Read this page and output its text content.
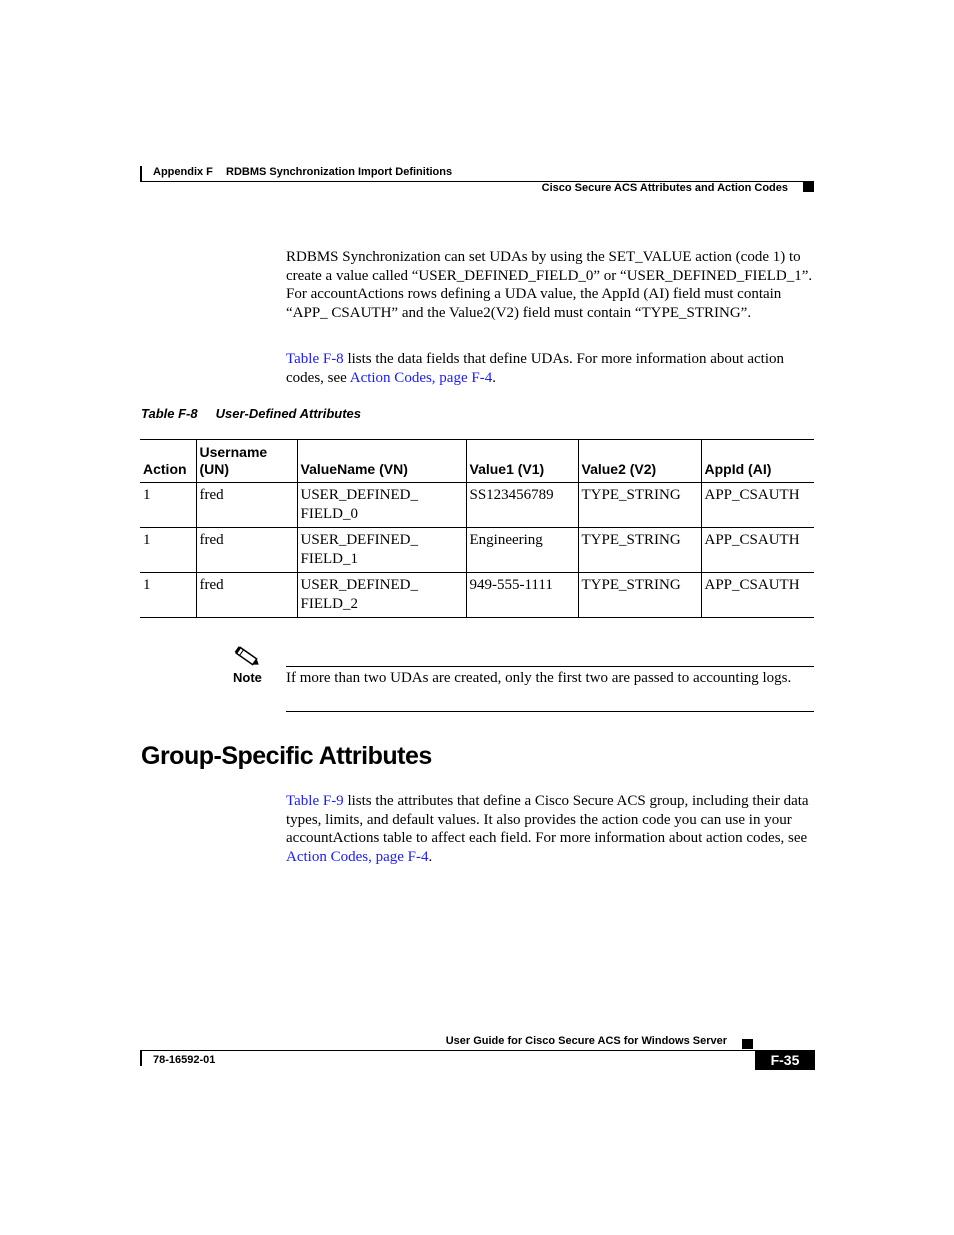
Appendix F RDBMS Synchronization Import Definitions
Cisco Secure ACS Attributes and Action Codes
RDBMS Synchronization can set UDAs by using the SET_VALUE action (code 1) to create a value called “USER_DEFINED_FIELD_0” or “USER_DEFINED_FIELD_1”. For accountActions rows defining a UDA value, the AppId (AI) field must contain “APP_ CSAUTH” and the Value2(V2) field must contain “TYPE_STRING”.
Table F-8 lists the data fields that define UDAs. For more information about action codes, see Action Codes, page F-4.
Table F-8 User-Defined Attributes
Action	Username (UN)	ValueName (VN)	Value1 (V1)	Value2 (V2)	AppId (AI)
1	fred	USER_DEFINED_ FIELD_0	SS123456789	TYPE_STRING	APP_CSAUTH
1	fred	USER_DEFINED_ FIELD_1	Engineering	TYPE_STRING	APP_CSAUTH
1	fred	USER_DEFINED_ FIELD_2	949-555-1111	TYPE_STRING	APP_CSAUTH
Note If more than two UDAs are created, only the first two are passed to accounting logs.
Group-Specific Attributes
Table F-9 lists the attributes that define a Cisco Secure ACS group, including their data types, limits, and default values. It also provides the action code you can use in your accountActions table to affect each field. For more information about action codes, see Action Codes, page F-4.
User Guide for Cisco Secure ACS for Windows Server
78-16592-01	F-35
